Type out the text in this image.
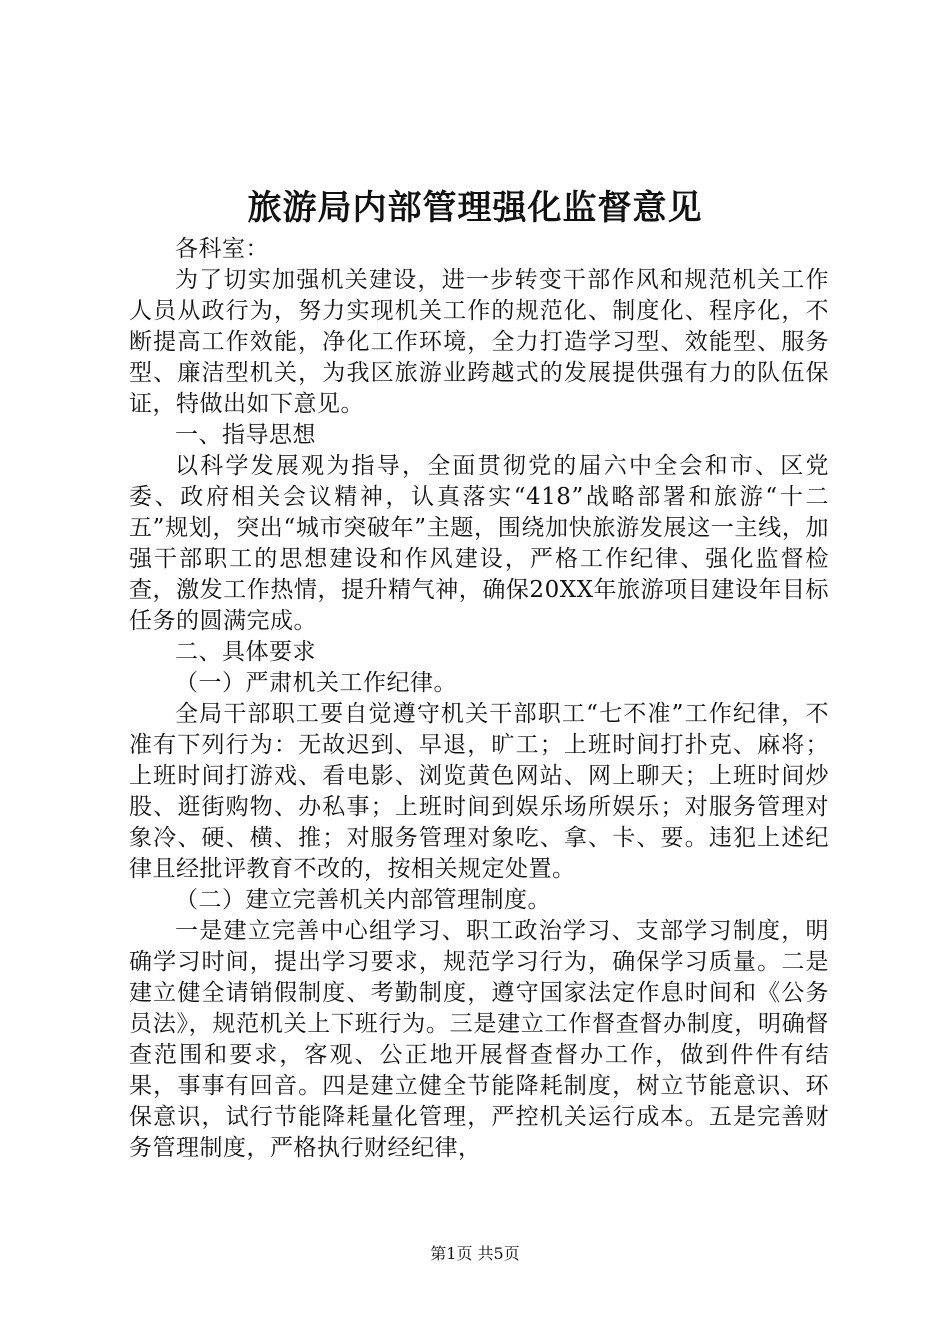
旅游局内部管理强化监督意见

各科室：

为了切实加强机关建设，进一步转变干部作风和规范机关工作人员从政行为，努力实现机关工作的规范化、制度化、程序化，不断提高工作效能，净化工作环境，全力打造学习型、效能型、服务型、廉洁型机关，为我区旅游业跨越式的发展提供强有力的队伍保证，特做出如下意见。

一、指导思想

以科学发展观为指导，全面贯彻党的届六中全会和市、区党委、政府相关会议精神，认真落实“418”战略部署和旅游“十二五”规划，突出“城市突破年”主题，围绕加快旅游发展这一主线，加强干部职工的思想建设和作风建设，严格工作纪律、强化监督检查，激发工作热情，提升精气神，确保20XX年旅游项目建设年目标任务的圆满完成。

二、具体要求

（一）严肃机关工作纪律。

全局干部职工要自觉遵守机关干部职工“七不准”工作纪律，不准有下列行为：无故迟到、早退，旷工；上班时间打扑克、麻将；上班时间打游戏、看电影、浏览黄色网站、网上聊天；上班时间炒股、逛街购物、办私事；上班时间到娱乐场所娱乐；对服务管理对象冷、硬、横、推；对服务管理对象吃、拿、卡、要。违犯上述纪律且经批评教育不改的，按相关规定处置。

（二）建立完善机关内部管理制度。

一是建立完善中心组学习、职工政治学习、支部学习制度，明确学习时间，提出学习要求，规范学习行为，确保学习质量。二是建立健全请销假制度、考勤制度，遵守国家法定作息时间和《公务员法》，规范机关上下班行为。三是建立工作督查督办制度，明确督查范围和要求，客观、公正地开展督查督办工作，做到件件有结果，事事有回音。四是建立健全节能降耗制度，树立节能意识、环保意识，试行节能降耗量化管理，严控机关运行成本。五是完善财务管理制度，严格执行财经纪律，

第1页 共5页
